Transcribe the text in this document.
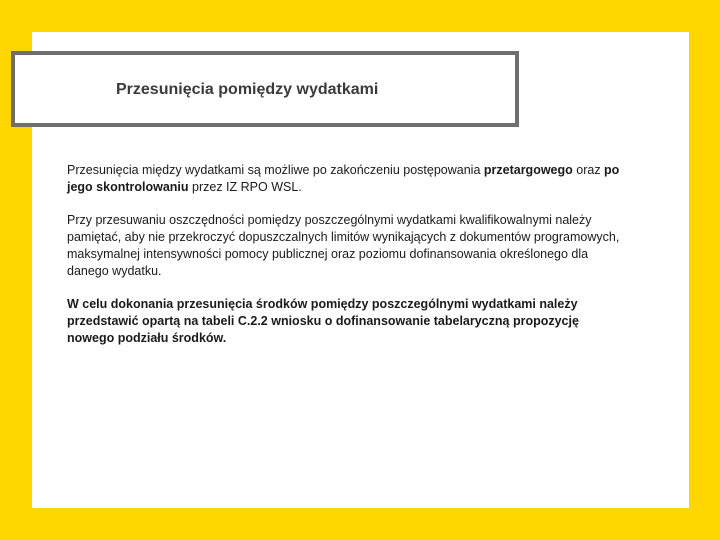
Przesunięcia pomiędzy wydatkami

Przesunięcia między wydatkami są możliwe po zakończeniu postępowania przetargowego oraz po jego skontrolowaniu przez IZ RPO WSL.

Przy przesuwaniu oszczędności pomiędzy poszczególnymi wydatkami kwalifikowalnymi należy pamiętać, aby nie przekroczyć dopuszczalnych limitów wynikających z dokumentów programowych, maksymalnej intensywności pomocy publicznej oraz poziomu dofinansowania określonego dla danego wydatku.

W celu dokonania przesunięcia środków pomiędzy poszczególnymi wydatkami należy przedstawić opartą na tabeli C.2.2 wniosku o dofinansowanie tabelaryczną propozycję nowego podziału środków.
